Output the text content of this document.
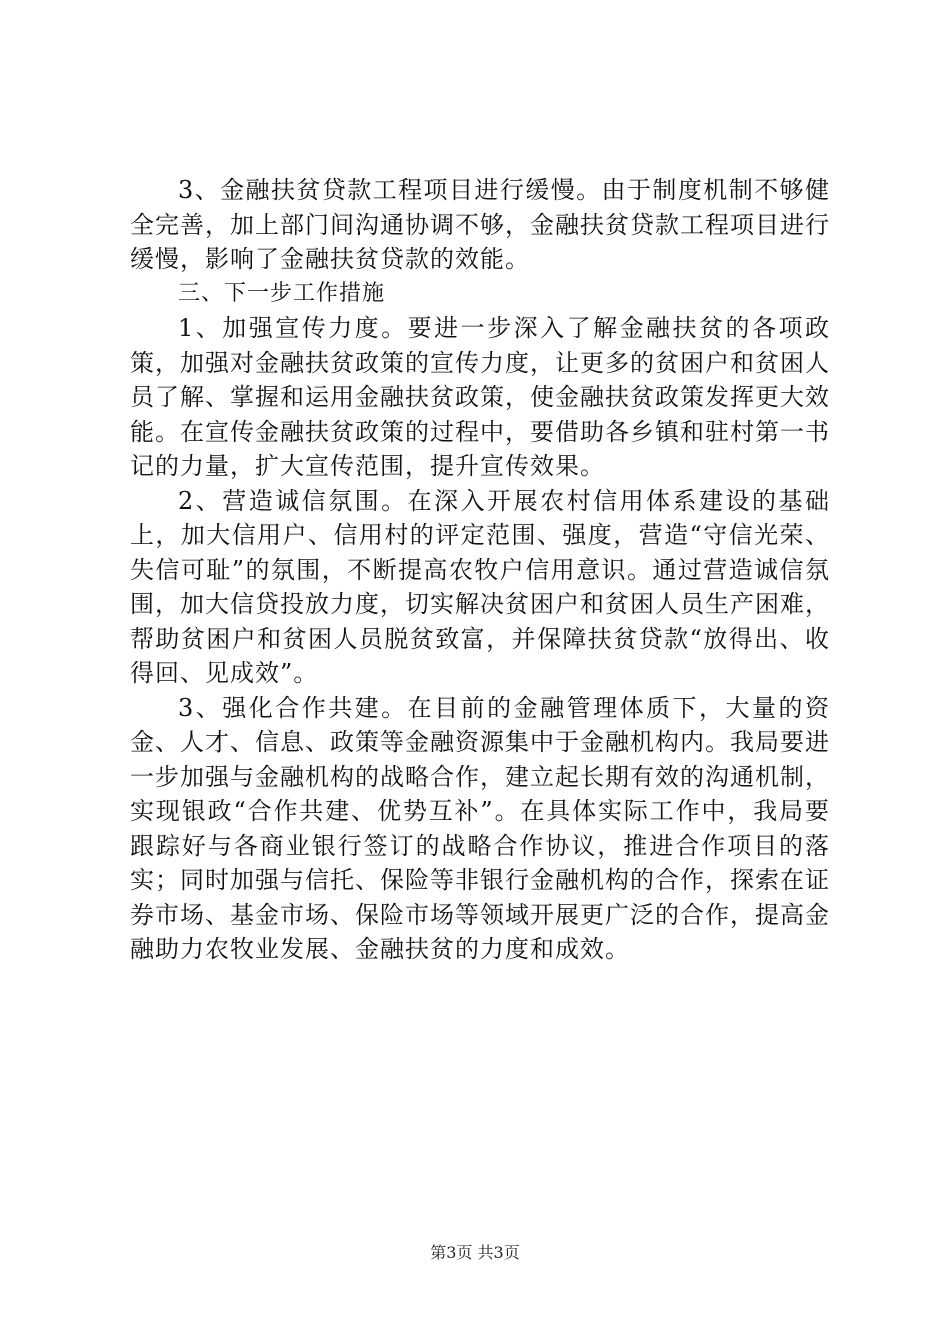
3、金融扶贫贷款工程项目进行缓慢。由于制度机制不够健全完善，加上部门间沟通协调不够，金融扶贫贷款工程项目进行缓慢，影响了金融扶贫贷款的效能。

三、下一步工作措施

1、加强宣传力度。要进一步深入了解金融扶贫的各项政策，加强对金融扶贫政策的宣传力度，让更多的贫困户和贫困人员了解、掌握和运用金融扶贫政策，使金融扶贫政策发挥更大效能。在宣传金融扶贫政策的过程中，要借助各乡镇和驻村第一书记的力量，扩大宣传范围，提升宣传效果。

2、营造诚信氛围。在深入开展农村信用体系建设的基础上，加大信用户、信用村的评定范围、强度，营造“守信光荣、失信可耻”的氛围，不断提高农牧户信用意识。通过营造诚信氛围，加大信贷投放力度，切实解决贫困户和贫困人员生产困难，帮助贫困户和贫困人员脱贫致富，并保障扶贫贷款“放得出、收得回、见成效”。

3、强化合作共建。在目前的金融管理体质下，大量的资金、人才、信息、政策等金融资源集中于金融机构内。我局要进一步加强与金融机构的战略合作，建立起长期有效的沟通机制，实现银政“合作共建、优势互补”。在具体实际工作中，我局要跟踪好与各商业银行签订的战略合作协议，推进合作项目的落实；同时加强与信托、保险等非银行金融机构的合作，探索在证券市场、基金市场、保险市场等领域开展更广泛的合作，提高金融助力农牧业发展、金融扶贫的力度和成效。

第3页 共3页
